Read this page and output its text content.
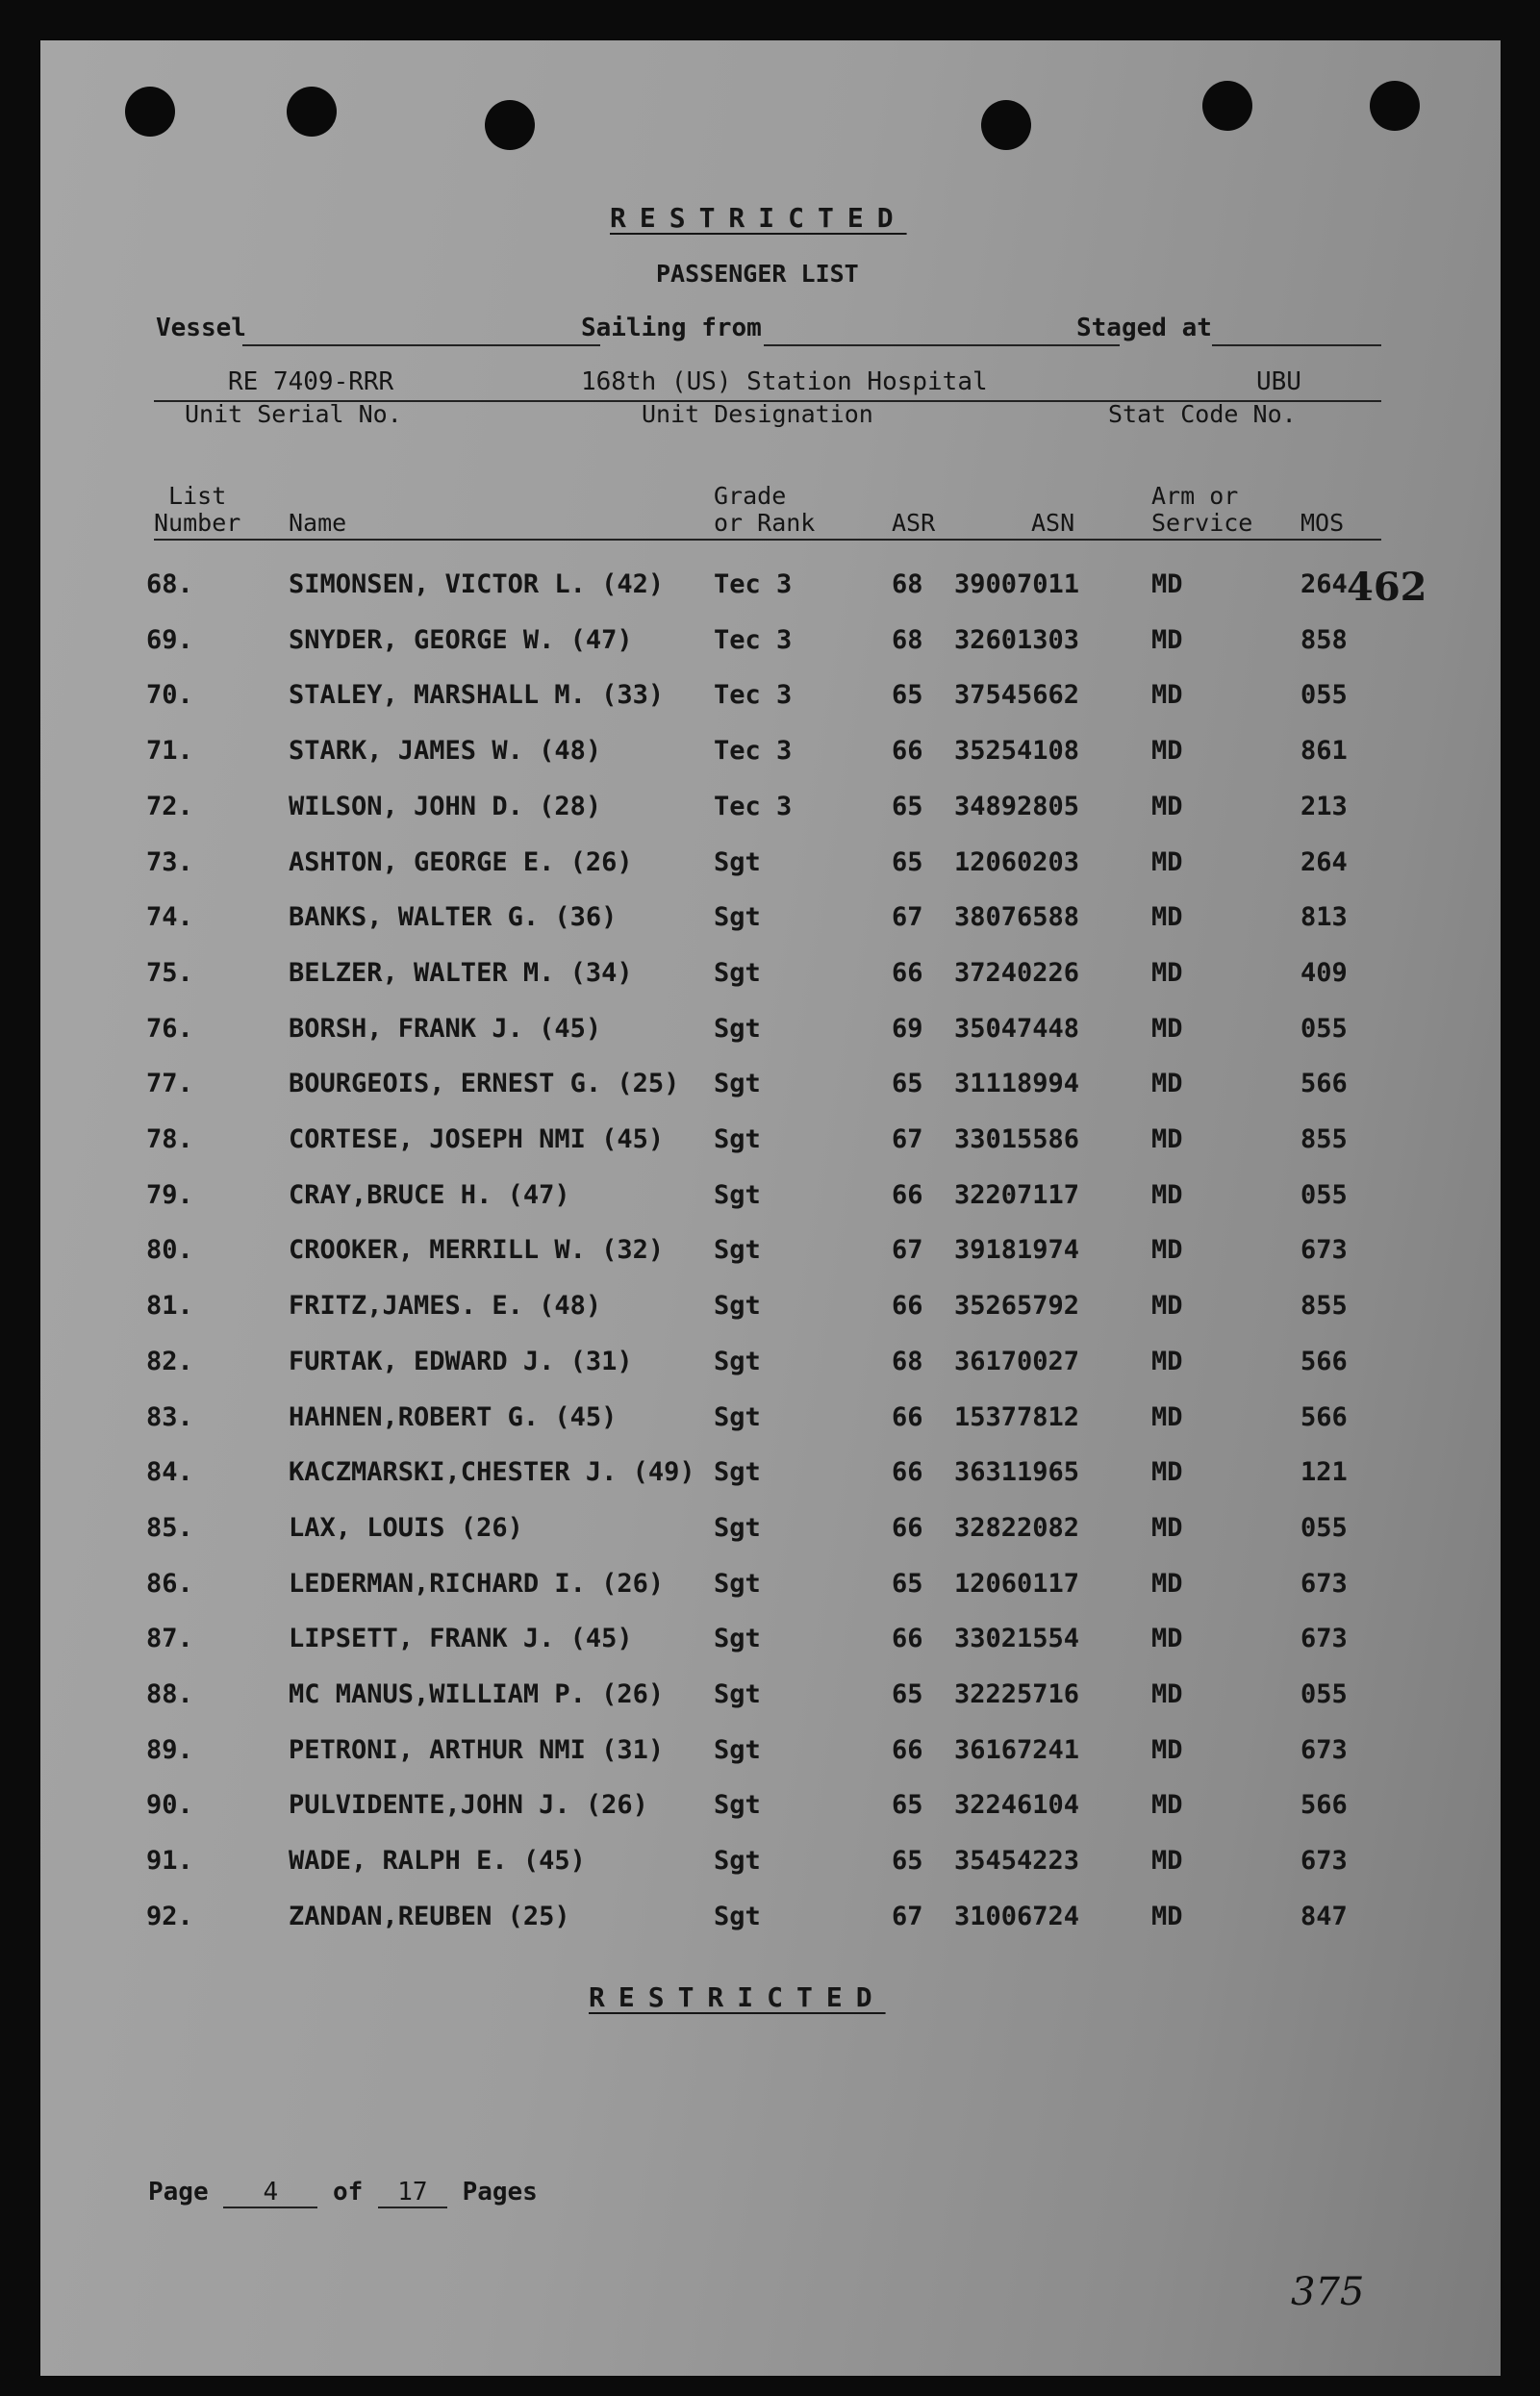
RESTRICTED
PASSENGER LIST
Vessel	Sailing from	Staged at
RE 7409-RRR	168th (US) Station Hospital	UBU
Unit Serial No.	Unit Designation	Stat Code No.
List
Number Name
Grade
or Rank	ASR	ASN
Arm or
Service MOS
462
68.	SIMONSEN, VICTOR L. (42) Tec 3	68 39007011	MD	264
69.	SNYDER, GEORGE W. (47)	Tec 3	68 32601303	MD	858
70.	STALEY, MARSHALL M. (33) Tec 3	65 37545662	MD	055
71.	STARK, JAMES W. (48)	Tec 3	66 35254108	MD	861
72.	WILSON, JOHN D. (28)	Tec 3	65 34892805	MD	213
73.	ASHTON, GEORGE E. (26)	Sgt	65 12060203	MD	264
74.	BANKS, WALTER G. (36)	Sgt	67 38076588	MD	813
75.	BELZER, WALTER M. (34)	Sgt	66 37240226	MD	409
76.	BORSH, FRANK J. (45)	Sgt	69 35047448	MD	055
77.	BOURGEOIS, ERNEST G. (25) Sgt	65 31118994	MD	566
78.	CORTESE, JOSEPH NMI (45) Sgt	67 33015586	MD	855
79.	CRAY,BRUCE H. (47)	Sgt	66 32207117	MD	055
80.	CROOKER, MERRILL W. (32) Sgt	67 39181974	MD	673
81.	FRITZ,JAMES. E. (48)	Sgt	66 35265792	MD	855
82.	FURTAK, EDWARD J. (31)	Sgt	68 36170027	MD	566
83.	HAHNEN,ROBERT G. (45)	Sgt	66 15377812	MD	566
84.	KACZMARSKI,CHESTER J. (49) Sgt	66 36311965	MD	121
85.	LAX, LOUIS (26)	Sgt	66 32822082	MD	055
86.	LEDERMAN,RICHARD I. (26) Sgt	65 12060117	MD	673
87.	LIPSETT, FRANK J. (45)	Sgt	66 33021554	MD	673
88.	MC MANUS,WILLIAM P. (26) Sgt	65 32225716	MD	055
89.	PETRONI, ARTHUR NMI (31) Sgt	66 36167241	MD	673
90.	PULVIDENTE,JOHN J. (26)	Sgt	65 32246104	MD	566
91.	WADE, RALPH E. (45)	Sgt	65 35454223	MD	673
92.	ZANDAN,REUBEN (25)	Sgt	67 31006724	MD	847
RESTRICTED
Page 4 of 17 Pages
375
